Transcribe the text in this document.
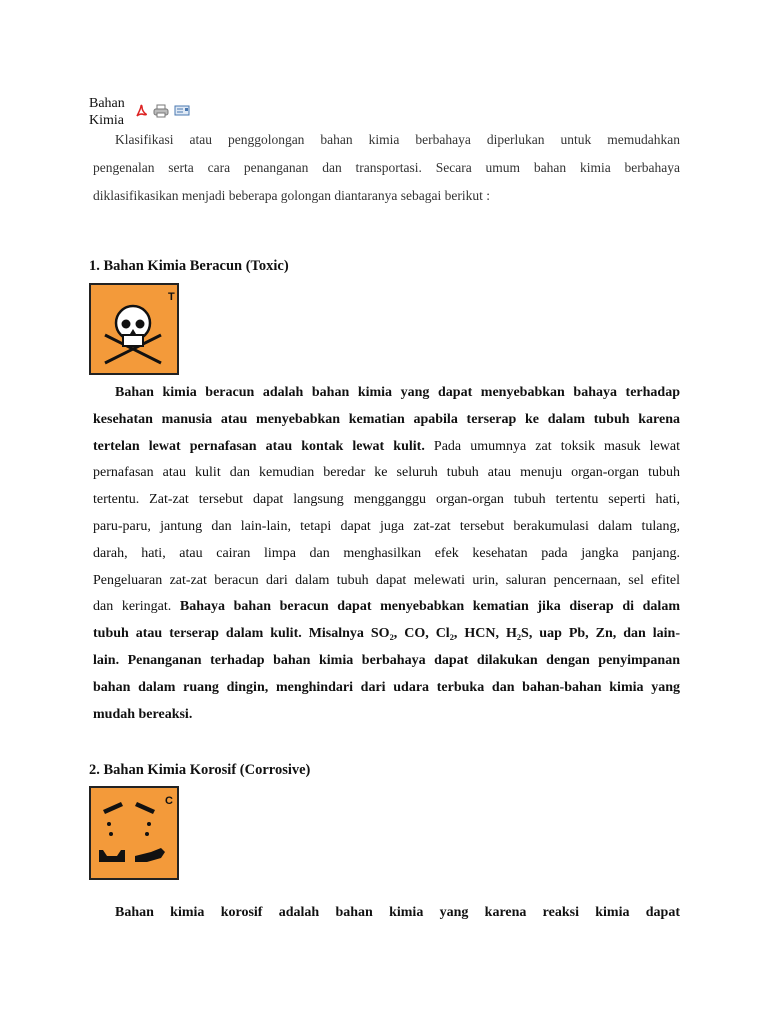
Bahan
Kimia
Klasifikasi atau penggolongan bahan kimia berbahaya diperlukan untuk memudahkan
pengenalan serta cara penanganan dan transportasi. Secara umum bahan kimia berbahaya
diklasifikasikan menjadi beberapa golongan diantaranya sebagai berikut :
1. Bahan Kimia Beracun (Toxic)
T
Bahan kimia beracun adalah bahan kimia yang dapat menyebabkan bahaya terhadap
kesehatan manusia atau menyebabkan kematian apabila terserap ke dalam tubuh karena
tertelan lewat pernafasan atau kontak lewat kulit. Pada umumnya zat toksik masuk lewat
pernafasan atau kulit dan kemudian beredar ke seluruh tubuh atau menuju organ-organ tubuh
tertentu. Zat-zat tersebut dapat langsung mengganggu organ-organ tubuh tertentu seperti hati,
paru-paru, jantung dan lain-lain, tetapi dapat juga zat-zat tersebut berakumulasi dalam tulang,
darah, hati, atau cairan limpa dan menghasilkan efek kesehatan pada jangka panjang.
Pengeluaran zat-zat beracun dari dalam tubuh dapat melewati urin, saluran pencernaan, sel efitel
dan keringat. Bahaya bahan beracun dapat menyebabkan kematian jika diserap di dalam
tubuh atau terserap dalam kulit. Misalnya SO₂, CO, Cl₂, HCN, H₂S, uap Pb, Zn, dan lain-
lain. Penanganan terhadap bahan kimia berbahaya dapat dilakukan dengan penyimpanan
bahan dalam ruang dingin, menghindari dari udara terbuka dan bahan-bahan kimia yang
mudah bereaksi.
2. Bahan Kimia Korosif (Corrosive)
C
Bahan kimia korosif adalah bahan kimia yang karena reaksi kimia dapat
